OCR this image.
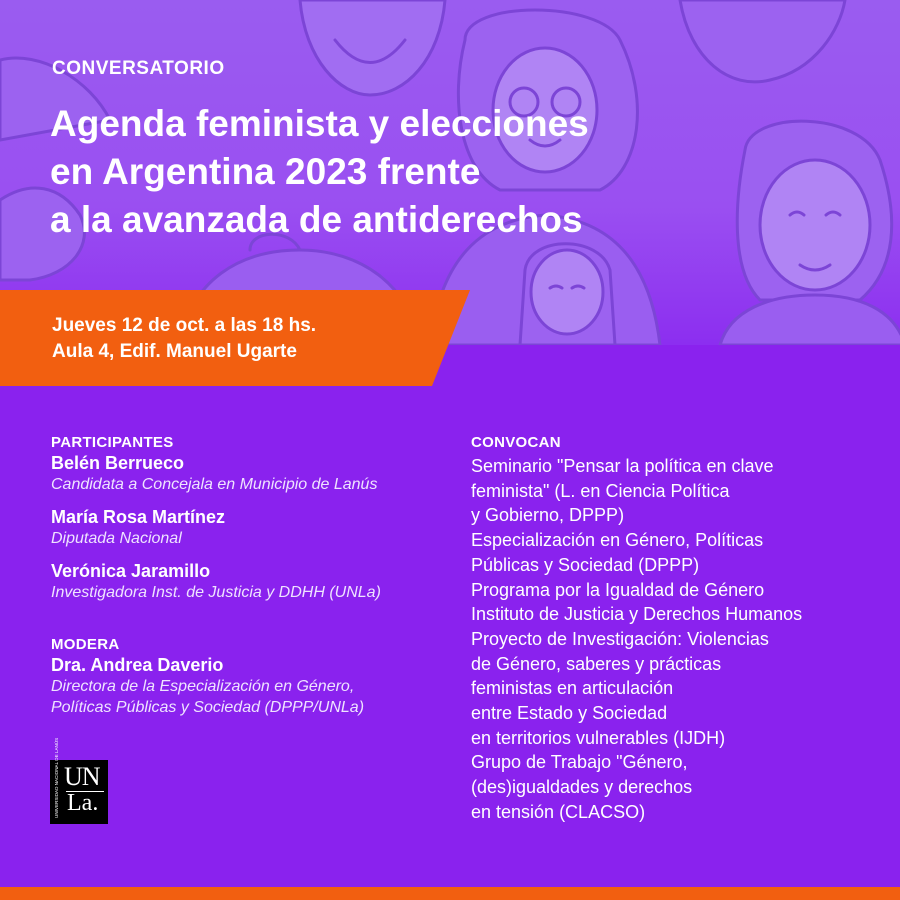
CONVERSATORIO
Agenda feminista y elecciones
en Argentina 2023 frente
a la avanzada de antiderechos
Jueves 12 de oct. a las 18 hs.
Aula 4, Edif. Manuel Ugarte
PARTICIPANTES
Belén Berrueco
Candidata a Concejala en Municipio de Lanús
María Rosa Martínez
Diputada Nacional
Verónica Jaramillo
Investigadora Inst. de Justicia y DDHH (UNLa)
MODERA
Dra. Andrea Daverio
Directora de la Especialización en Género,
Políticas Públicas y Sociedad (DPPP/UNLa)
CONVOCAN
Seminario "Pensar la política en clave
feminista" (L. en Ciencia Política
y Gobierno, DPPP)
Especialización en Género, Políticas
Públicas y Sociedad (DPPP)
Programa por la Igualdad de Género
Instituto de Justicia y Derechos Humanos
Proyecto de Investigación: Violencias
de Género, saberes y prácticas
feministas en articulación
entre Estado y Sociedad
en territorios vulnerables (IJDH)
Grupo de Trabajo "Género,
(des)igualdades y derechos
en tensión (CLACSO)
UNIVERSIDAD NACIONAL DE LANÚS UN
La.
